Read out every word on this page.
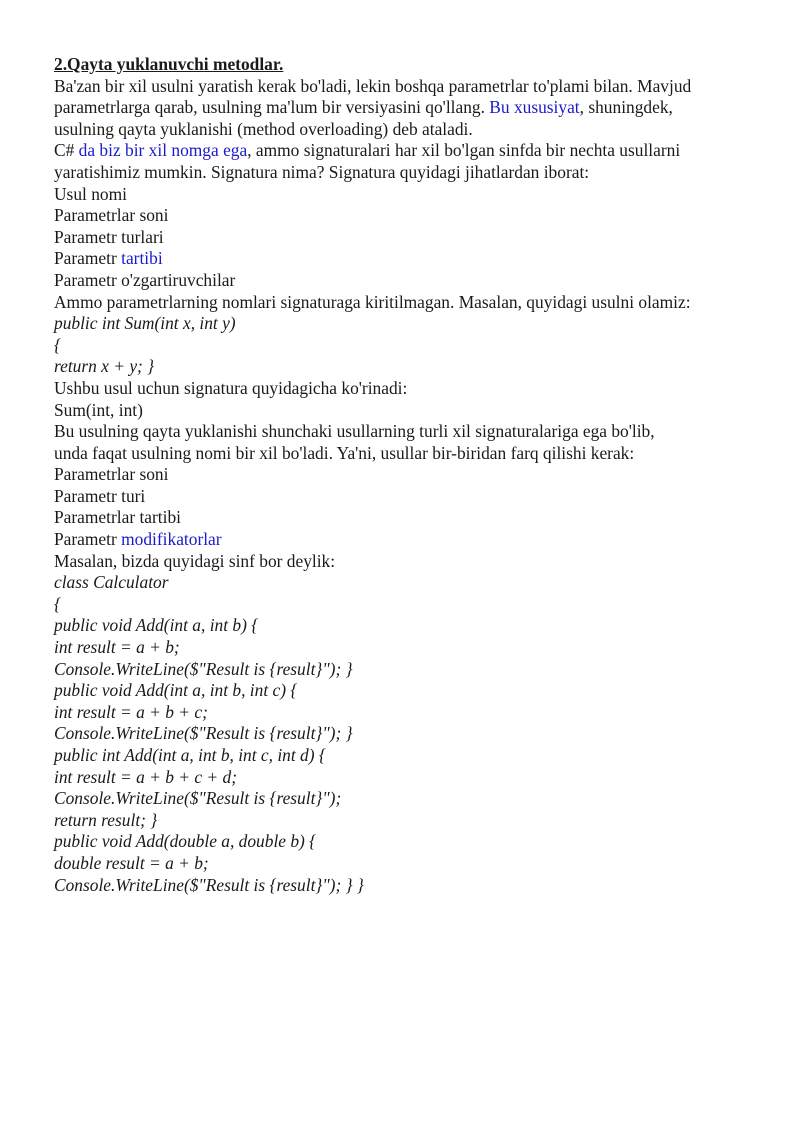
2.Qayta yuklanuvchi metodlar.
Ba'zan bir xil usulni yaratish kerak bo'ladi, lekin boshqa parametrlar to'plami bilan. Mavjud
parametrlarga qarab, usulning ma'lum bir versiyasini qo'llang. Bu xususiyat, shuningdek,
usulning qayta yuklanishi (method overloading) deb ataladi.
C# da biz bir xil nomga ega, ammo signaturalari har xil bo'lgan sinfda bir nechta usullarni
yaratishimiz mumkin. Signatura nima? Signatura quyidagi jihatlardan iborat:
Usul nomi
Parametrlar soni
Parametr turlari
Parametr tartibi
Parametr o'zgartiruvchilar
Ammo parametrlarning nomlari signaturaga kiritilmagan. Masalan, quyidagi usulni olamiz:
public int Sum(int x, int y)
{
return x + y; }
Ushbu usul uchun signatura quyidagicha ko'rinadi:
Sum(int, int)
Bu usulning qayta yuklanishi shunchaki usullarning turli xil signaturalariga ega bo'lib,
unda faqat usulning nomi bir xil bo'ladi. Ya'ni, usullar bir-biridan farq qilishi kerak:
Parametrlar soni
Parametr turi
Parametrlar tartibi
Parametr modifikatorlar
Masalan, bizda quyidagi sinf bor deylik:
class Calculator
{
public void Add(int a, int b) {
int result = a + b;
Console.WriteLine($"Result is {result}"); }
public void Add(int a, int b, int c) {
int result = a + b + c;
Console.WriteLine($"Result is {result}"); }
public int Add(int a, int b, int c, int d) {
int result = a + b + c + d;
Console.WriteLine($"Result is {result}");
return result; }
public void Add(double a, double b) {
double result = a + b;
Console.WriteLine($"Result is {result}"); } }
